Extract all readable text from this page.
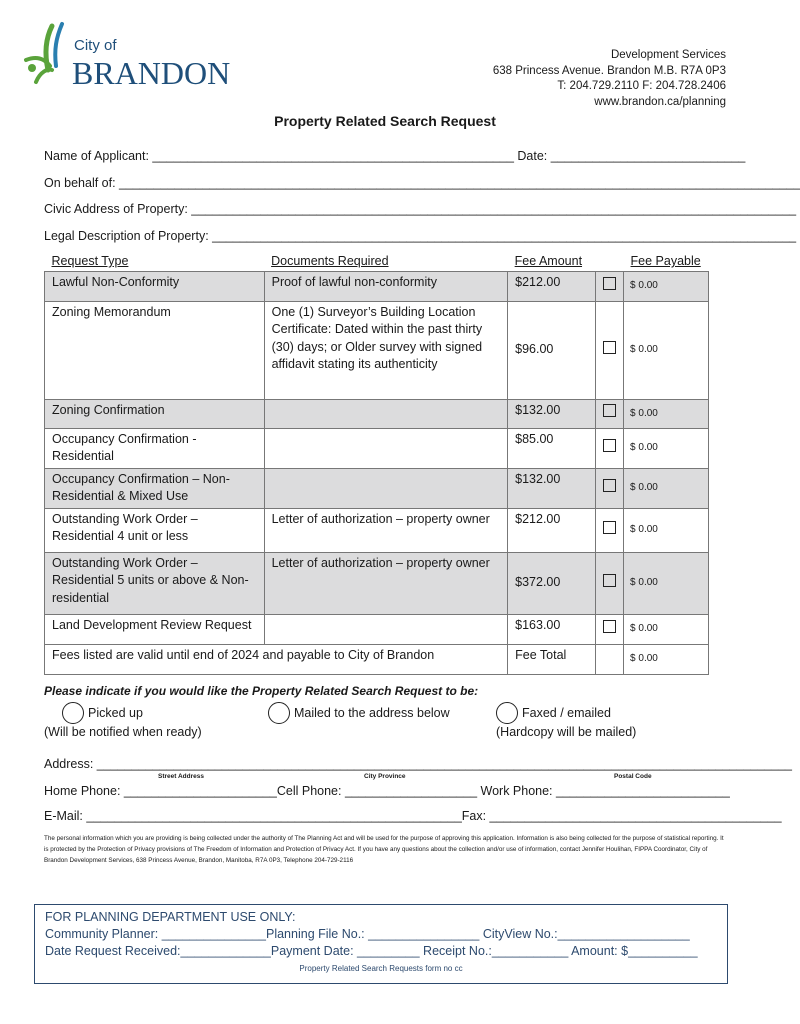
City of
BRANDON	Development Services
638 Princess Avenue. Brandon M.B. R7A 0P3
T: 204.729.2110 F: 204.728.2406
www.brandon.ca/planning
Property Related Search Request
Name of Applicant: ____________________________________________________ Date: ____________________________
On behalf of: __________________________________________________________________________________________________
Civic Address of Property: _______________________________________________________________________________________
Legal Description of Property: ____________________________________________________________________________________
Request Type	Documents Required	Fee Amount		Fee Payable
Lawful Non-Conformity	Proof of lawful non-conformity	$212.00		$ 0.00
Zoning Memorandum	One (1) Surveyor’s Building Location Certificate: Dated within the past thirty (30) days; or Older survey with signed affidavit stating its authenticity	$96.00		$ 0.00
Zoning Confirmation		$132.00		$ 0.00
Occupancy Confirmation - Residential		$85.00		$ 0.00
Occupancy Confirmation – Non-Residential & Mixed Use		$132.00		$ 0.00
Outstanding Work Order – Residential 4 unit or less	Letter of authorization – property owner	$212.00		$ 0.00
Outstanding Work Order – Residential 5 units or above & Non-residential	Letter of authorization – property owner	$372.00		$ 0.00
Land Development Review Request		$163.00		$ 0.00
Fees listed are valid until end of 2024 and payable to City of Brandon		Fee Total		$ 0.00
Please indicate if you would like the Property Related Search Request to be:
Picked up
(Will be notified when ready)
Mailed to the address below	Faxed / emailed
(Hardcopy will be mailed)
Address: ____________________________________________________________________________________________________
Street Address	City Province	Postal Code
Home Phone: ______________________Cell Phone: ___________________ Work Phone: _________________________
E-Mail: ______________________________________________________Fax: __________________________________________
The personal information which you are providing is being collected under the authority of The Planning Act and will be used for the purpose of approving this application. Information is also being collected for the purpose of statistical reporting. It is protected by the Protection of Privacy provisions of The Freedom of Information and Protection of Privacy Act. If you have any questions about the collection and/or use of information, contact Jennifer Houlihan, FIPPA Coordinator, City of Brandon Development Services, 638 Princess Avenue, Brandon, Manitoba, R7A 0P3, Telephone 204-729-2116
FOR PLANNING DEPARTMENT USE ONLY:
Community Planner: _______________Planning File No.: ________________ CityView No.:___________________
Date Request Received:_____________Payment Date: _________ Receipt No.:___________ Amount: $__________
Property Related Search Requests form no cc
